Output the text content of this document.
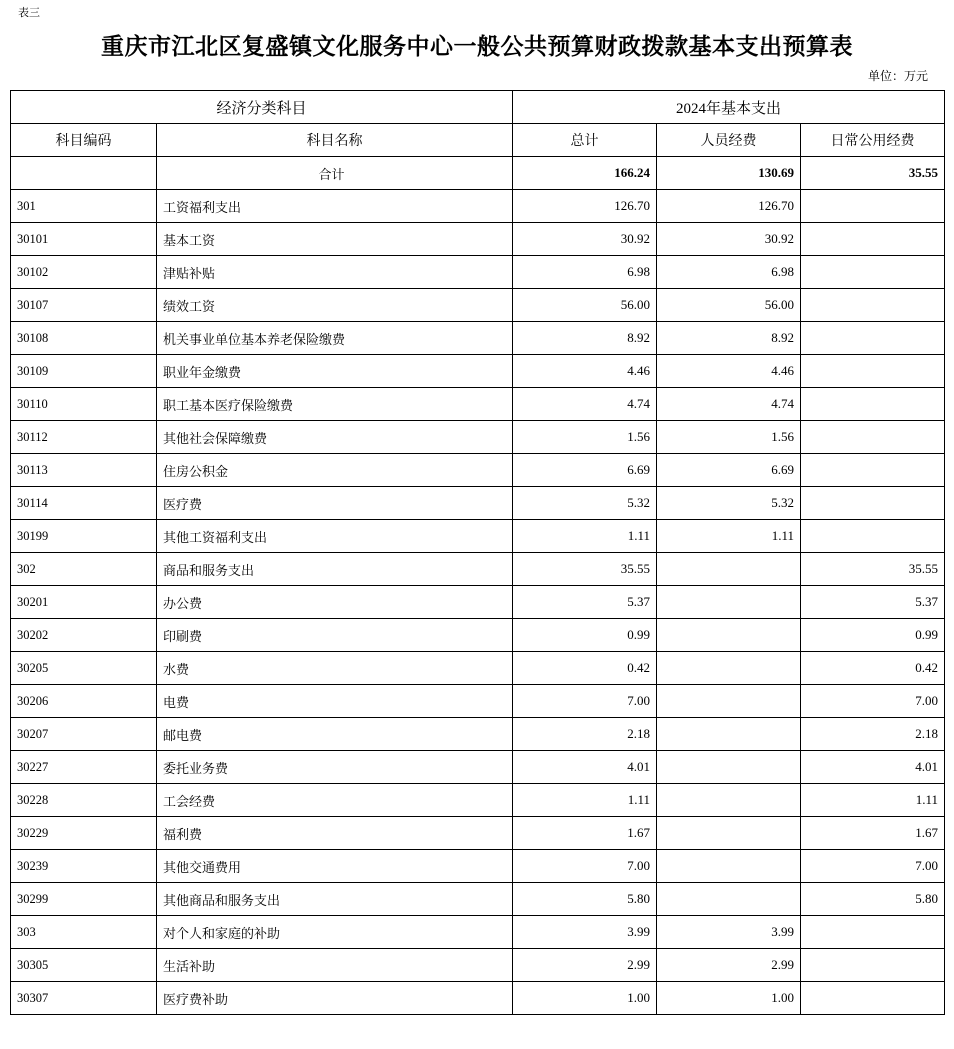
表三
重庆市江北区复盛镇文化服务中心一般公共预算财政拨款基本支出预算表
单位：万元
经济分类科目		2024年基本支出		
科目编码	科目名称	总计	人员经费	日常公用经费
	合计	166.24	130.69	35.55
301	工资福利支出	126.70	126.70	
30101	基本工资	30.92	30.92	
30102	津贴补贴	6.98	6.98	
30107	绩效工资	56.00	56.00	
30108	机关事业单位基本养老保险缴费	8.92	8.92	
30109	职业年金缴费	4.46	4.46	
30110	职工基本医疗保险缴费	4.74	4.74	
30112	其他社会保障缴费	1.56	1.56	
30113	住房公积金	6.69	6.69	
30114	医疗费	5.32	5.32	
30199	其他工资福利支出	1.11	1.11	
302	商品和服务支出	35.55		35.55
30201	办公费	5.37		5.37
30202	印刷费	0.99		0.99
30205	水费	0.42		0.42
30206	电费	7.00		7.00
30207	邮电费	2.18		2.18
30227	委托业务费	4.01		4.01
30228	工会经费	1.11		1.11
30229	福利费	1.67		1.67
30239	其他交通费用	7.00		7.00
30299	其他商品和服务支出	5.80		5.80
303	对个人和家庭的补助	3.99	3.99	
30305	生活补助	2.99	2.99	
30307	医疗费补助	1.00	1.00	
